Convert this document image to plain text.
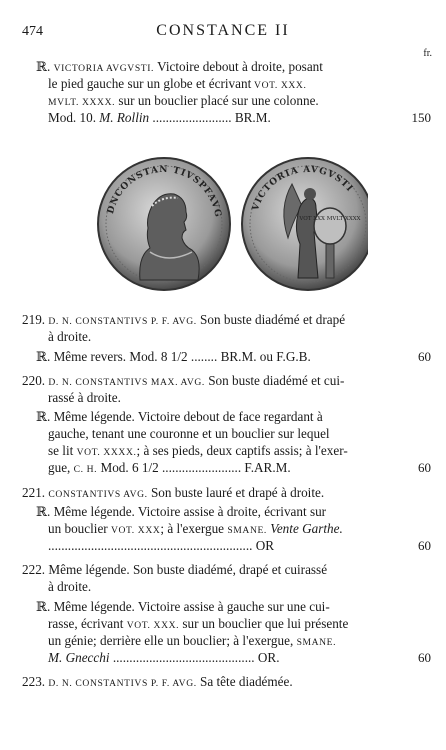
474	CONSTANCE II
fr.
ℝ. VICTORIA AVGVSTI. Victoire debout à droite, posant
le pied gauche sur un globe et écrivant VOT. XXX.
MVLT. XXXX. sur un bouclier placé sur une colonne.
Mod. 10. M. Rollin ........................ BR.M.	150
DNCONSTAN TIVSPFAVG
VOT XXX MVLT XXXX
VICTORIA AVGVSTI
219. D. N. CONSTANTIVS P. F. AVG. Son buste diadémé et drapé
à droite.
ℝ. Même revers. Mod. 8 1/2 ........ BR.M. ou F.G.B.	60
220. D. N. CONSTANTIVS MAX. AVG. Son buste diadémé et cui-
rassé à droite.
ℝ. Même légende. Victoire debout de face regardant à
gauche, tenant une couronne et un bouclier sur lequel
se lit VOT. XXXX.; à ses pieds, deux captifs assis; à l'exer-
gue, C. H. Mod. 6 1/2 ........................ F.AR.M.	60
221. CONSTANTIVS AVG. Son buste lauré et drapé à droite.
ℝ. Même légende. Victoire assise à droite, écrivant sur
un bouclier VOT. XXX; à l'exergue SMANE. Vente Garthe.
.............................................................. OR	60
222. Même légende. Son buste diadémé, drapé et cuirassé
à droite.
ℝ. Même légende. Victoire assise à gauche sur une cui-
rasse, écrivant VOT. XXX. sur un bouclier que lui présente
un génie; derrière elle un bouclier; à l'exergue, SMANE.
M. Gnecchi ........................................... OR.	60
223. D. N. CONSTANTIVS P. F. AVG. Sa tête diadémée.
